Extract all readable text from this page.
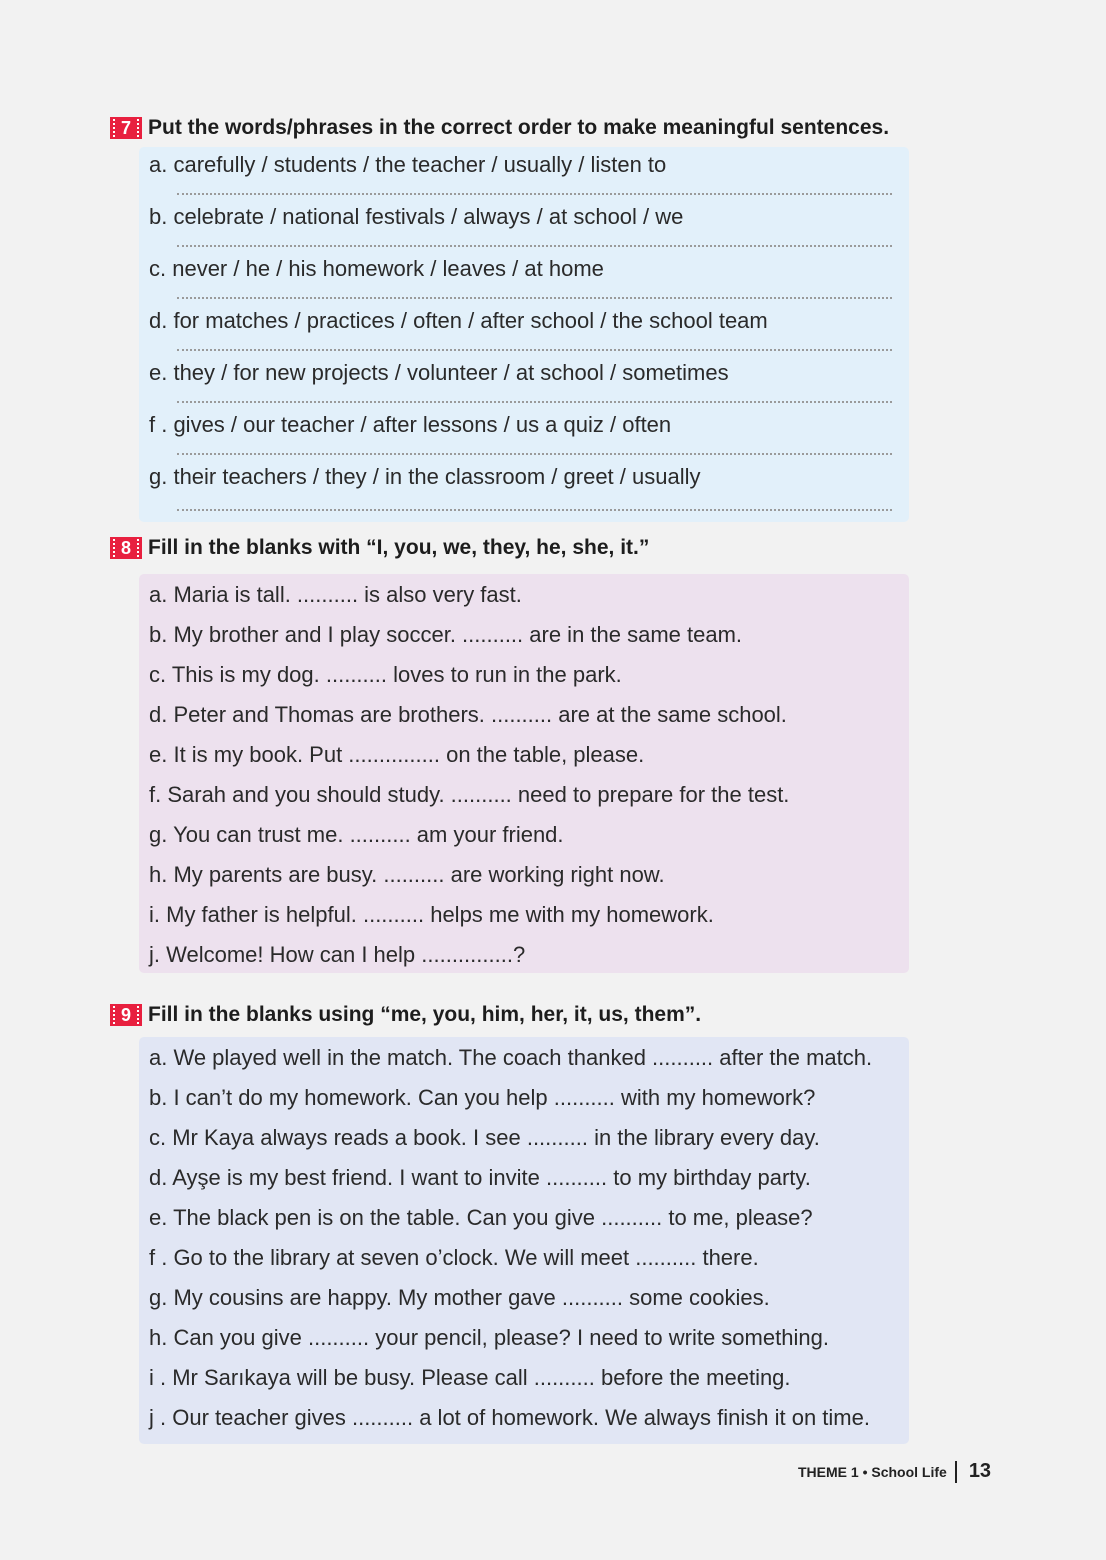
7 Put the words/phrases in the correct order to make meaningful sentences.
a. carefully / students / the teacher / usually / listen to
b. celebrate / national festivals / always / at school / we
c. never / he / his homework / leaves / at home
d. for matches / practices / often / after school / the school team
e. they / for new projects / volunteer / at school / sometimes
f . gives / our teacher / after lessons / us a quiz / often
g. their teachers / they / in the classroom / greet / usually
8 Fill in the blanks with “I, you, we, they, he, she, it.”
a. Maria is tall. .......... is also very fast.
b. My brother and I play soccer. .......... are in the same team.
c. This is my dog. .......... loves to run in the park.
d. Peter and Thomas are brothers. .......... are at the same school.
e. It is my book. Put ............... on the table, please.
f. Sarah and you should study. .......... need to prepare for the test.
g. You can trust me. .......... am your friend.
h. My parents are busy. .......... are working right now.
i. My father is helpful. .......... helps me with my homework.
j. Welcome! How can I help ...............?
9 Fill in the blanks using “me, you, him, her, it, us, them”.
a. We played well in the match. The coach thanked .......... after the match.
b. I can’t do my homework. Can you help .......... with my homework?
c. Mr Kaya always reads a book. I see .......... in the library every day.
d. Ayşe is my best friend. I want to invite .......... to my birthday party.
e. The black pen is on the table. Can you give .......... to me, please?
f . Go to the library at seven o’clock. We will meet .......... there.
g. My cousins are happy. My mother gave .......... some cookies.
h. Can you give .......... your pencil, please? I need to write something.
i . Mr Sarıkaya will be busy. Please call .......... before the meeting.
j . Our teacher gives .......... a lot of homework. We always finish it on time.
THEME 1 • School Life 13
